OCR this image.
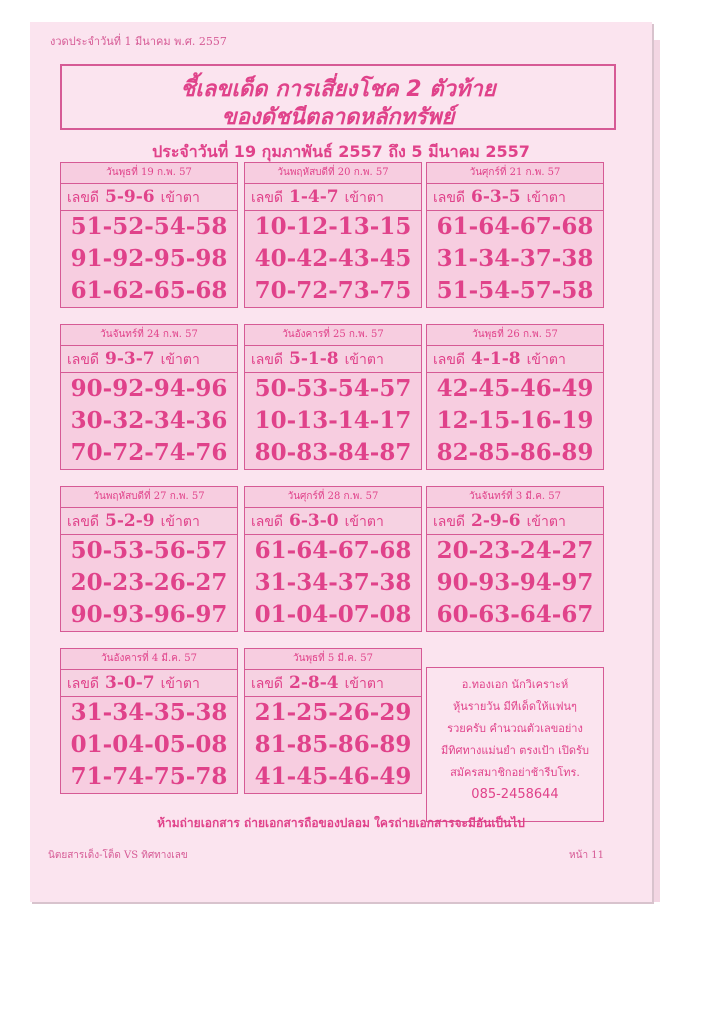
งวดประจำวันที่ 1 มีนาคม พ.ศ. 2557
ชี้เลขเด็ด การเสี่ยงโชค 2 ตัวท้าย
ของดัชนีตลาดหลักทรัพย์
ประจำวันที่ 19 กุมภาพันธ์ 2557 ถึง 5 มีนาคม 2557
วันพุธที่ 19 ก.พ. 57
เลขดี 5-9-6 เข้าตา
51-52-54-58
91-92-95-98
61-62-65-68
วันพฤหัสบดีที่ 20 ก.พ. 57
เลขดี 1-4-7 เข้าตา
10-12-13-15
40-42-43-45
70-72-73-75
วันศุกร์ที่ 21 ก.พ. 57
เลขดี 6-3-5 เข้าตา
61-64-67-68
31-34-37-38
51-54-57-58
วันจันทร์ที่ 24 ก.พ. 57
เลขดี 9-3-7 เข้าตา
90-92-94-96
30-32-34-36
70-72-74-76
วันอังคารที่ 25 ก.พ. 57
เลขดี 5-1-8 เข้าตา
50-53-54-57
10-13-14-17
80-83-84-87
วันพุธที่ 26 ก.พ. 57
เลขดี 4-1-8 เข้าตา
42-45-46-49
12-15-16-19
82-85-86-89
วันพฤหัสบดีที่ 27 ก.พ. 57
เลขดี 5-2-9 เข้าตา
50-53-56-57
20-23-26-27
90-93-96-97
วันศุกร์ที่ 28 ก.พ. 57
เลขดี 6-3-0 เข้าตา
61-64-67-68
31-34-37-38
01-04-07-08
วันจันทร์ที่ 3 มี.ค. 57
เลขดี 2-9-6 เข้าตา
20-23-24-27
90-93-94-97
60-63-64-67
วันอังคารที่ 4 มี.ค. 57
เลขดี 3-0-7 เข้าตา
31-34-35-38
01-04-05-08
71-74-75-78
วันพุธที่ 5 มี.ค. 57
เลขดี 2-8-4 เข้าตา
21-25-26-29
81-85-86-89
41-45-46-49
อ.ทองเอก นักวิเคราะห์
หุ้นรายวัน มีทีเด็ดให้แฟนๆ
รวยครับ คำนวณตัวเลขอย่าง
มีทิศทางแม่นยำ ตรงเป้า เปิดรับ
สมัครสมาชิกอย่าช้ารีบโทร.
085-2458644
ห้ามถ่ายเอกสาร ถ่ายเอกสารถือของปลอม ใครถ่ายเอกสารจะมีอันเป็นไป
นิตยสารเด็ง-โต็ด VS ทิศทางเลข	หน้า 11
